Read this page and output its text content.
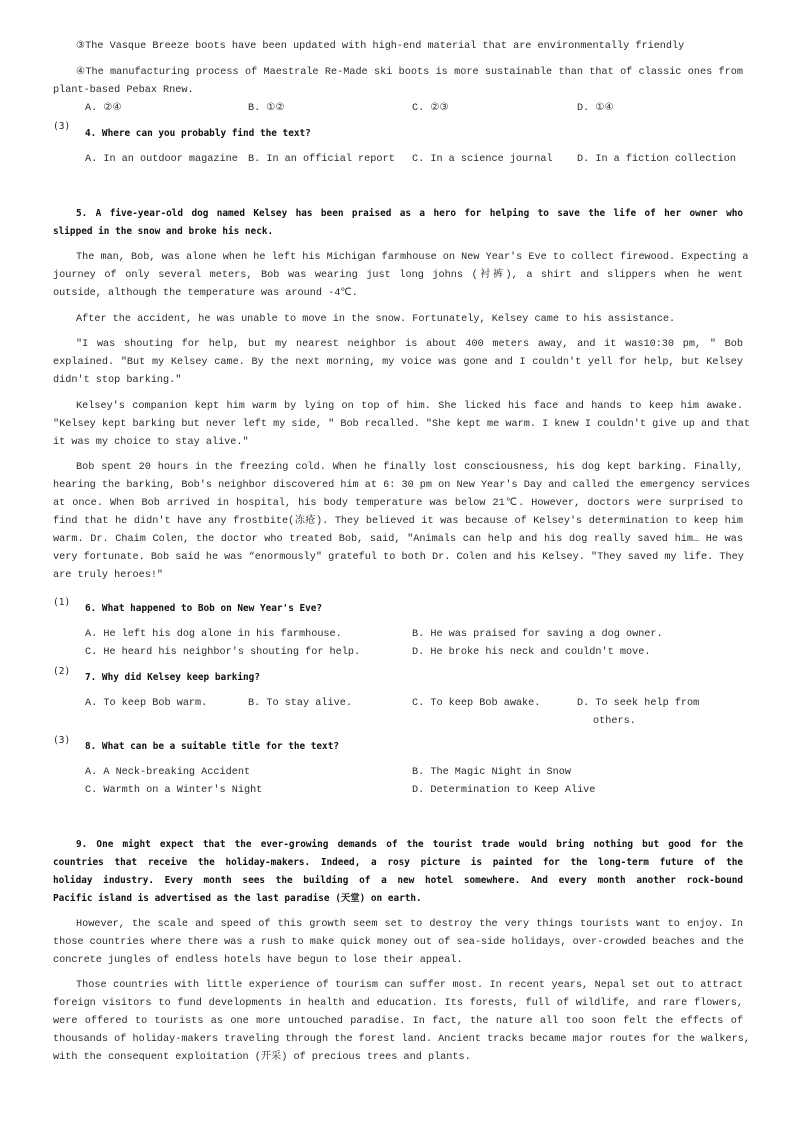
③The Vasque Breeze boots have been updated with high-end material that are environmentally friendly
④The manufacturing process of Maestrale Re-Made ski boots is more sustainable than that of classic ones from
plant-based Pebax Rnew.
A. ②④	B. ①②	C. ②③	D. ①④
(3)
4. Where can you probably find the text?
A. In an outdoor magazine B. In an official report C. In a science journal D. In a fiction collection
5. A five-year-old dog named Kelsey has been praised as a hero for helping to save the life of her owner who
slipped in the snow and broke his neck.
The man, Bob, was alone when he left his Michigan farmhouse on New Year's Eve to collect firewood. Expecting a
journey of only several meters, Bob was wearing just long johns (衬裤), a shirt and slippers when he went
outside, although the temperature was around -4℃.
After the accident, he was unable to move in the snow. Fortunately, Kelsey came to his assistance.
"I was shouting for help, but my nearest neighbor is about 400 meters away, and it was10:30 pm, " Bob
explained. "But my Kelsey came. By the next morning, my voice was gone and I couldn't yell for help, but Kelsey
didn't stop barking."
Kelsey's companion kept him warm by lying on top of him. She licked his face and hands to keep him awake.
"Kelsey kept barking but never left my side, " Bob recalled. "She kept me warm. I knew I couldn't give up and that
it was my choice to stay alive."
Bob spent 20 hours in the freezing cold. When he finally lost consciousness, his dog kept barking. Finally,
hearing the barking, Bob's neighbor discovered him at 6: 30 pm on New Year's Day and called the emergency services
at once. When Bob arrived in hospital, his body temperature was below 21℃. However, doctors were surprised to
find that he didn't have any frostbite(冻疮). They believed it was because of Kelsey's determination to keep him
warm. Dr. Chaim Colen, the doctor who treated Bob, said, "Animals can help and his dog really saved him… He was
very fortunate. Bob said he was “enormously" grateful to both Dr. Colen and his Kelsey. "They saved my life. They
are truly heroes!"
(1)
6. What happened to Bob on New Year's Eve?
A. He left his dog alone in his farmhouse.	B. He was praised for saving a dog owner.
C. He heard his neighbor's shouting for help.	D. He broke his neck and couldn't move.
(2)
7. Why did Kelsey keep barking?
A. To keep Bob warm.	B. To stay alive.	C. To keep Bob awake.	D. To seek help from
others.
(3)
8. What can be a suitable title for the text?
A. A Neck-breaking Accident	B. The Magic Night in Snow
C. Warmth on a Winter's Night	D. Determination to Keep Alive
9. One might expect that the ever-growing demands of the tourist trade would bring nothing but good for the
countries that receive the holiday-makers. Indeed, a rosy picture is painted for the long-term future of the
holiday industry. Every month sees the building of a new hotel somewhere. And every month another rock-bound
Pacific island is advertised as the last paradise (天堂) on earth.
However, the scale and speed of this growth seem set to destroy the very things tourists want to enjoy. In
those countries where there was a rush to make quick money out of sea-side holidays, over-crowded beaches and the
concrete jungles of endless hotels have begun to lose their appeal.
Those countries with little experience of tourism can suffer most. In recent years, Nepal set out to attract
foreign visitors to fund developments in health and education. Its forests, full of wildlife, and rare flowers,
were offered to tourists as one more untouched paradise. In fact, the nature all too soon felt the effects of
thousands of holiday-makers traveling through the forest land. Ancient tracks became major routes for the walkers,
with the consequent exploitation (开采) of precious trees and plants.
